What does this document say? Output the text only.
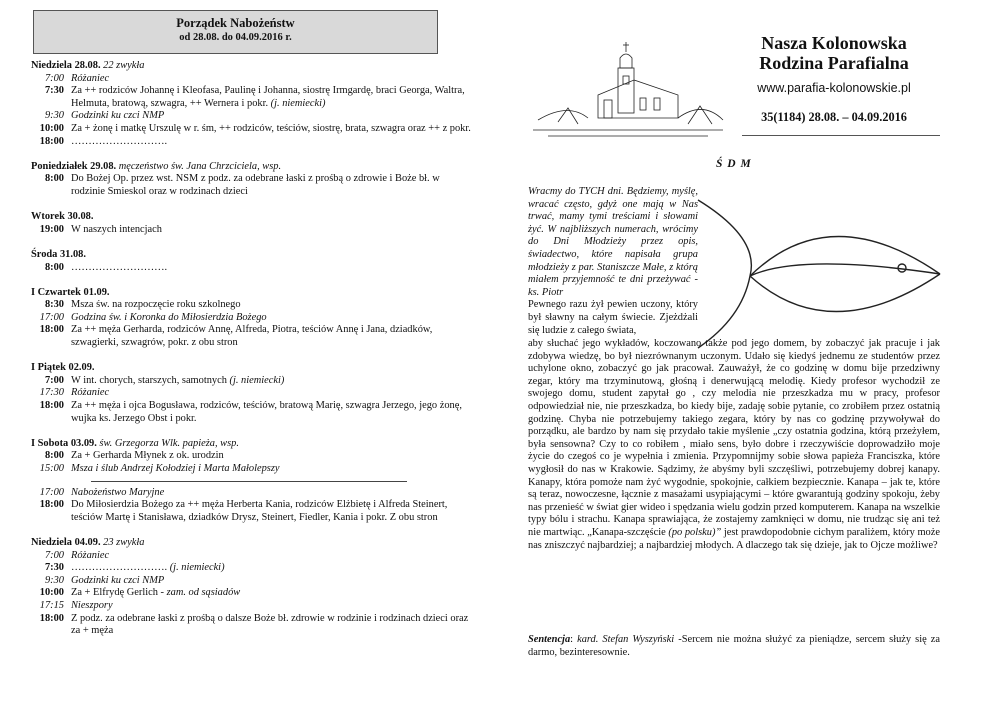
Porządek Nabożeństw
od 28.08. do 04.09.2016 r.
Niedziela 28.08. 22 zwykła
7:00 Różaniec
7:30 Za ++ rodziców Johannę i Kleofasa, Paulinę i Johanna, siostrę Irmgardę, braci Georga, Waltra, Helmuta, bratową, szwagra, ++ Wernera i pokr. (j. niemiecki)
9:30 Godzinki ku czci NMP
10:00 Za + żonę i matkę Urszulę w r. śm, ++ rodziców, teściów, siostrę, brata, szwagra oraz ++ z pokr.
18:00 ……………………….
Poniedziałek 29.08. męczeństwo św. Jana Chrzciciela, wsp.
8:00 Do Bożej Op. przez wst. NSM z podz. za odebrane łaski z prośbą o zdrowie i Boże bł. w rodzinie Smieskol oraz w rodzinach dzieci
Wtorek 30.08.
19:00 W naszych intencjach
Środa 31.08.
8:00 ……………………….
I Czwartek 01.09.
8:30 Msza św. na rozpoczęcie roku szkolnego
17:00 Godzina św. i Koronka do Miłosierdzia Bożego
18:00 Za ++ męża Gerharda, rodziców Annę, Alfreda, Piotra, teściów Annę i Jana, dziadków, szwagierki, szwagrów, pokr. z obu stron
I Piątek 02.09.
7:00 W int. chorych, starszych, samotnych (j. niemiecki)
17:30 Różaniec
18:00 Za ++ męża i ojca Bogusława, rodziców, teściów, bratową Marię, szwagra Jerzego, jego żonę, wujka ks. Jerzego Obst i pokr.
I Sobota 03.09. św. Grzegorza Wlk. papieża, wsp.
8:00 Za + Gerharda Młynek z ok. urodzin
15:00 Msza i ślub Andrzej Kołodziej i Marta Małolepszy
17:00 Nabożeństwo Maryjne
18:00 Do Miłosierdzia Bożego za ++ męża Herberta Kania, rodziców Elżbietę i Alfreda Steinert, teściów Martę i Stanisława, dziadków Drysz, Steinert, Fiedler, Kania i pokr. Z obu stron
Niedziela 04.09. 23 zwykła
7:00 Różaniec
7:30 ………………………. (j. niemiecki)
9:30 Godzinki ku czci NMP
10:00 Za + Elfrydę Gerlich - zam. od sąsiadów
17:15 Nieszpory
18:00 Z podz. za odebrane łaski z prośbą o dalsze Boże bł. zdrowie w rodzinie i rodzinach dzieci oraz za + męża
Nasza Kolonowska
Rodzina Parafialna
www.parafia-kolonowskie.pl
35(1184) 28.08. – 04.09.2016
Ś D M
Wracmy do TYCH dni. Będziemy, myślę, wracać często, gdyż one mają w Nas trwać, mamy tymi treściami i słowami żyć. W najbliższych numerach, wrócimy do Dni Młodzieży przez opis, świadectwo, które napisała grupa młodzieży z par. Staniszcze Małe, z którą miałem przyjemność te dni przeżywać - ks. Piotr
Pewnego razu żył pewien uczony, który był sławny na całym świecie. Zjeżdżali się ludzie z całego świata,
aby słuchać jego wykładów, koczowano także pod jego domem, by zobaczyć jak pracuje i jak zdobywa wiedzę, bo był niezrównanym uczonym. Udało się kiedyś jednemu ze studentów przez uchylone okno, zobaczyć go jak pracował. Zauważył, że co godzinę w domu bije przedziwny zegar, który ma trzyminutową, głośną i denerwującą melodię. Kiedy profesor wychodził ze swojego domu, student zapytał go , czy melodia nie przeszkadza mu w pracy, profesor odpowiedział nie, nie przeszkadza, bo kiedy bije, zadaję sobie pytanie, co zrobiłem przez ostatnią godzinę. Chyba nie potrzebujemy takiego zegara, który by nas co godzinę przywoływał do porządku, ale bardzo by nam się przydało takie myślenie „czy ostatnia godzina, którą przeżyłem, była sensowna? Czy to co robiłem , miało sens, było dobre i rzeczywiście doprowadziło moje życie do czegoś co je wypełnia i zmienia. Przypomnijmy sobie słowa papieża Franciszka, które wygłosił do nas w Krakowie. Sądzimy, że abyśmy byli szczęśliwi, potrzebujemy dobrej kanapy. Kanapy, która pomoże nam żyć wygodnie, spokojnie, całkiem bezpiecznie. Kanapa – jak te, które są teraz, nowoczesne, łącznie z masażami usypiającymi – które gwarantują godziny spokoju, żeby nas przenieść w świat gier wideo i spędzania wielu godzin przed komputerem. Kanapa na wszelkie typy bólu i strachu. Kanapa sprawiająca, że zostajemy zamknięci w domu, nie trudząc się ani też nie martwiąc. „Kanapa-szczęście (po polsku)” jest prawdopodobnie cichym paraliżem, który może nas zniszczyć najbardziej; a najbardziej młodych. A dlaczego tak się dzieje, jak to Ojcze możliwe?
Sentencja: kard. Stefan Wyszyński -Sercem nie można służyć za pieniądze, sercem służy się za darmo, bezinteresownie.
